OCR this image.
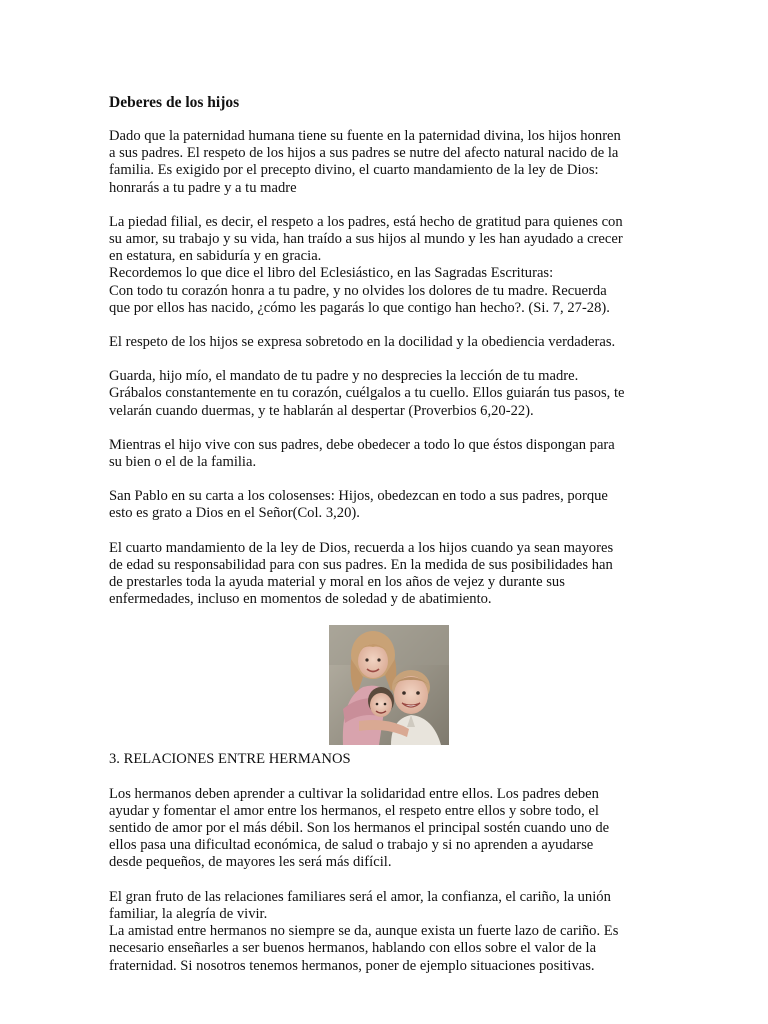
Deberes de los hijos
Dado que la paternidad humana tiene su fuente en la paternidad divina, los hijos honren
a sus padres. El respeto de los hijos a sus padres se nutre del afecto natural nacido de la
familia. Es exigido por el precepto divino, el cuarto mandamiento de la ley de Dios:
honrarás a tu padre y a tu madre
La piedad filial, es decir, el respeto a los padres, está hecho de gratitud para quienes con
su amor, su trabajo y su vida, han traído a sus hijos al mundo y les han ayudado a crecer
en estatura, en sabiduría y en gracia.
Recordemos lo que dice el libro del Eclesiástico, en las Sagradas Escrituras:
Con todo tu corazón honra a tu padre, y no olvides los dolores de tu madre. Recuerda
que por ellos has nacido, ¿cómo les pagarás lo que contigo han hecho?. (Si. 7, 27-28).
El respeto de los hijos se expresa sobretodo en la docilidad y la obediencia verdaderas.
Guarda, hijo mío, el mandato de tu padre y no desprecies la lección de tu madre.
Grábalos constantemente en tu corazón, cuélgalos a tu cuello. Ellos guiarán tus pasos, te
velarán cuando duermas, y te hablarán al despertar (Proverbios 6,20-22).
Mientras el hijo vive con sus padres, debe obedecer a todo lo que éstos dispongan para
su bien o el de la familia.
San Pablo en su carta a los colosenses: Hijos, obedezcan en todo a sus padres, porque
esto es grato a Dios en el Señor(Col. 3,20).
El cuarto mandamiento de la ley de Dios, recuerda a los hijos cuando ya sean mayores
de edad su responsabilidad para con sus padres. En la medida de sus posibilidades han
de prestarles toda la ayuda material y moral en los años de vejez y durante sus
enfermedades, incluso en momentos de soledad y de abatimiento.
3. RELACIONES ENTRE HERMANOS
Los hermanos deben aprender a cultivar la solidaridad entre ellos. Los padres deben
ayudar y fomentar el amor entre los hermanos, el respeto entre ellos y sobre todo, el
sentido de amor por el más débil. Son los hermanos el principal sostén cuando uno de
ellos pasa una dificultad económica, de salud o trabajo y si no aprenden a ayudarse
desde pequeños, de mayores les será más difícil.
El gran fruto de las relaciones familiares será el amor, la confianza, el cariño, la unión
familiar, la alegría de vivir.
La amistad entre hermanos no siempre se da, aunque exista un fuerte lazo de cariño. Es
necesario enseñarles a ser buenos hermanos, hablando con ellos sobre el valor de la
fraternidad. Si nosotros tenemos hermanos, poner de ejemplo situaciones positivas.
